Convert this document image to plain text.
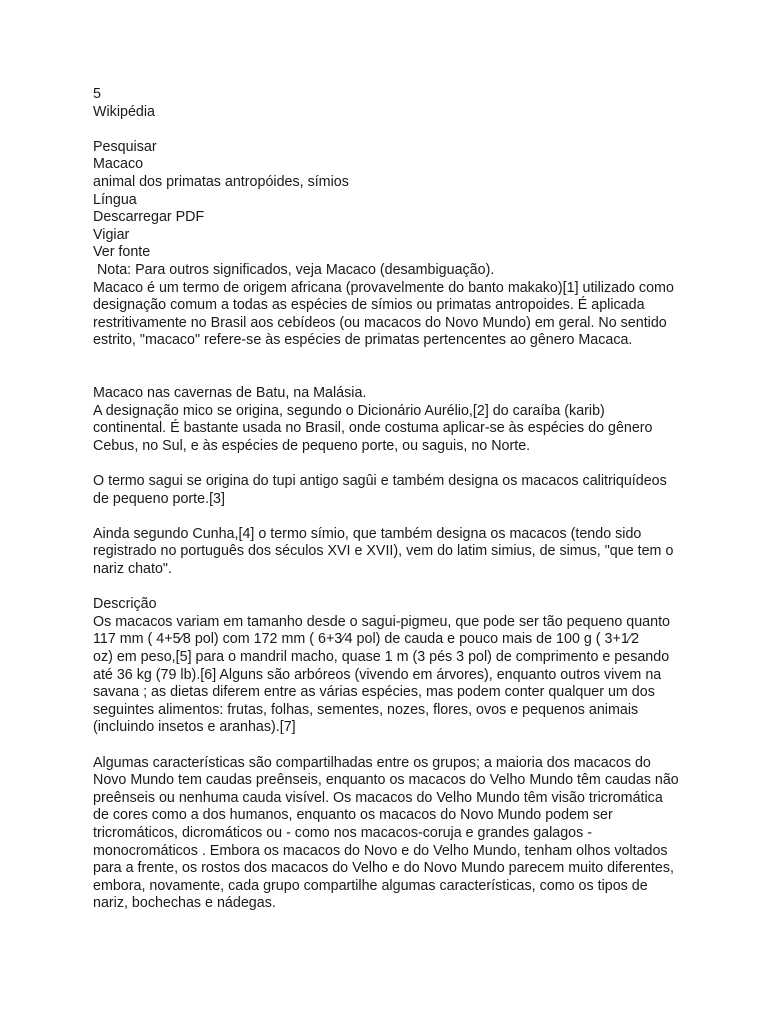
5
Wikipédia
Pesquisar
Macaco
animal dos primatas antropóides, símios
Língua
Descarregar PDF
Vigiar
Ver fonte
Nota: Para outros significados, veja Macaco (desambiguação).
Macaco é um termo de origem africana (provavelmente do banto makako)[1] utilizado como
designação comum a todas as espécies de símios ou primatas antropoides. É aplicada
restritivamente no Brasil aos cebídeos (ou macacos do Novo Mundo) em geral. No sentido
estrito, "macaco" refere-se às espécies de primatas pertencentes ao gênero Macaca.
Macaco nas cavernas de Batu, na Malásia.
A designação mico se origina, segundo o Dicionário Aurélio,[2] do caraíba (karib)
continental. É bastante usada no Brasil, onde costuma aplicar-se às espécies do gênero
Cebus, no Sul, e às espécies de pequeno porte, ou saguis, no Norte.
O termo sagui se origina do tupi antigo sagûi e também designa os macacos calitriquídeos
de pequeno porte.[3]
Ainda segundo Cunha,[4] o termo símio, que também designa os macacos (tendo sido
registrado no português dos séculos XVI e XVII), vem do latim simius, de simus, "que tem o
nariz chato".
Descrição
Os macacos variam em tamanho desde o sagui-pigmeu, que pode ser tão pequeno quanto
117 mm ( 4+5⁄8 pol) com 172 mm ( 6+3⁄4 pol) de cauda e pouco mais de 100 g ( 3+1⁄2
oz) em peso,[5] para o mandril macho, quase 1 m (3 pés 3 pol) de comprimento e pesando
até 36 kg (79 lb).[6] Alguns são arbóreos (vivendo em árvores), enquanto outros vivem na
savana ; as dietas diferem entre as várias espécies, mas podem conter qualquer um dos
seguintes alimentos: frutas, folhas, sementes, nozes, flores, ovos e pequenos animais
(incluindo insetos e aranhas).[7]
Algumas características são compartilhadas entre os grupos; a maioria dos macacos do
Novo Mundo tem caudas preênseis, enquanto os macacos do Velho Mundo têm caudas não
preênseis ou nenhuma cauda visível. Os macacos do Velho Mundo têm visão tricromática
de cores como a dos humanos, enquanto os macacos do Novo Mundo podem ser
tricromáticos, dicromáticos ou - como nos macacos-coruja e grandes galagos -
monocromáticos . Embora os macacos do Novo e do Velho Mundo, tenham olhos voltados
para a frente, os rostos dos macacos do Velho e do Novo Mundo parecem muito diferentes,
embora, novamente, cada grupo compartilhe algumas características, como os tipos de
nariz, bochechas e nádegas.
